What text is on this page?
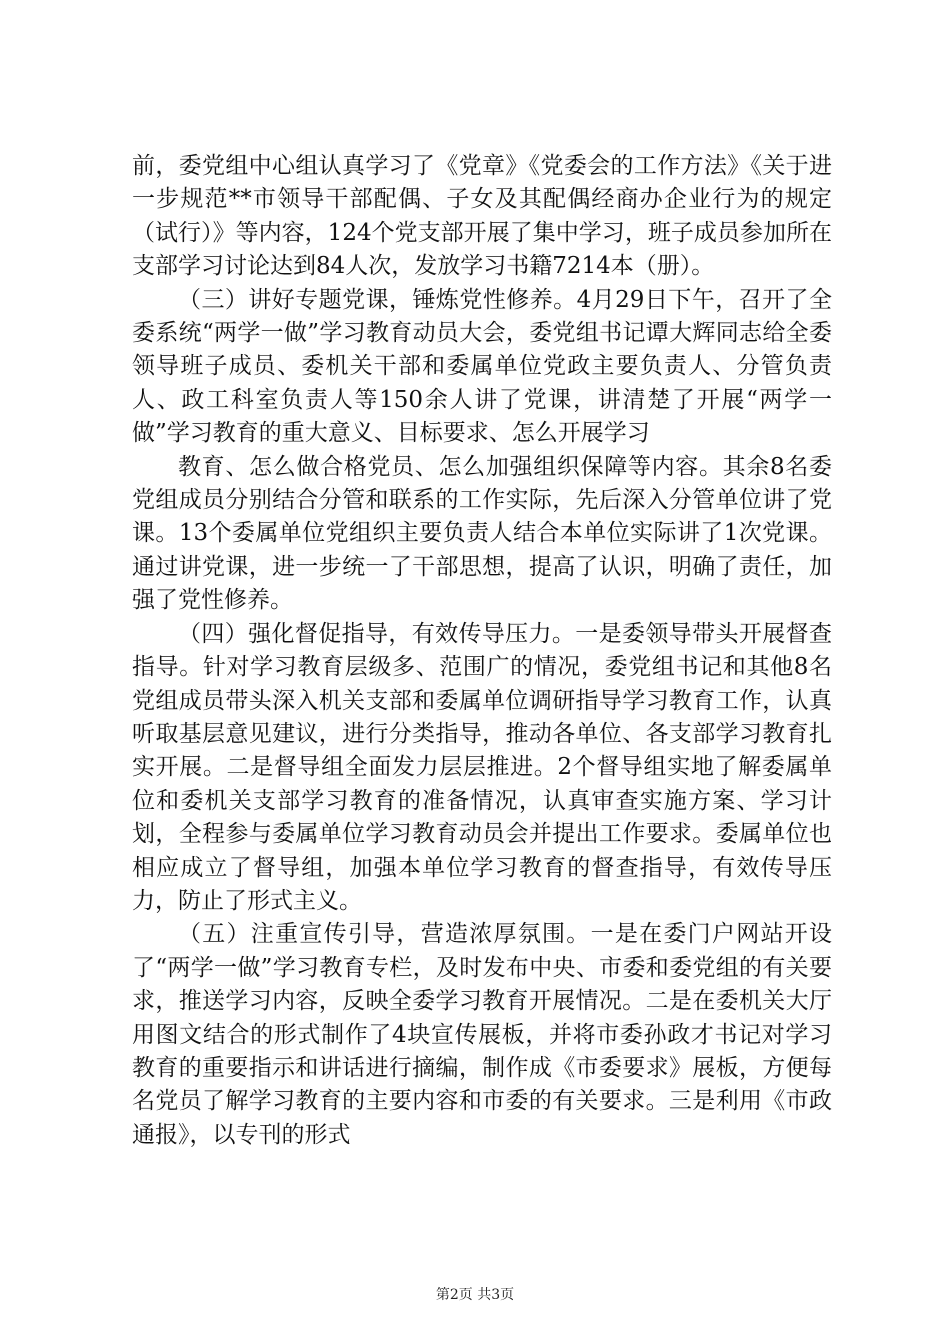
前，委党组中心组认真学习了《党章》《党委会的工作方法》《关于进一步规范**市领导干部配偶、子女及其配偶经商办企业行为的规定（试行）》等内容，124个党支部开展了集中学习，班子成员参加所在支部学习讨论达到84人次，发放学习书籍7214本（册）。

（三）讲好专题党课，锤炼党性修养。4月29日下午，召开了全委系统“两学一做”学习教育动员大会，委党组书记谭大辉同志给全委领导班子成员、委机关干部和委属单位党政主要负责人、分管负责人、政工科室负责人等150余人讲了党课，讲清楚了开展“两学一做”学习教育的重大意义、目标要求、怎么开展学习

教育、怎么做合格党员、怎么加强组织保障等内容。其余8名委党组成员分别结合分管和联系的工作实际，先后深入分管单位讲了党课。13个委属单位党组织主要负责人结合本单位实际讲了1次党课。通过讲党课，进一步统一了干部思想，提高了认识，明确了责任，加强了党性修养。

（四）强化督促指导，有效传导压力。一是委领导带头开展督查指导。针对学习教育层级多、范围广的情况，委党组书记和其他8名党组成员带头深入机关支部和委属单位调研指导学习教育工作，认真听取基层意见建议，进行分类指导，推动各单位、各支部学习教育扎实开展。二是督导组全面发力层层推进。2个督导组实地了解委属单位和委机关支部学习教育的准备情况，认真审查实施方案、学习计划，全程参与委属单位学习教育动员会并提出工作要求。委属单位也相应成立了督导组，加强本单位学习教育的督查指导，有效传导压力，防止了形式主义。

（五）注重宣传引导，营造浓厚氛围。一是在委门户网站开设了“两学一做”学习教育专栏，及时发布中央、市委和委党组的有关要求，推送学习内容，反映全委学习教育开展情况。二是在委机关大厅用图文结合的形式制作了4块宣传展板，并将市委孙政才书记对学习教育的重要指示和讲话进行摘编，制作成《市委要求》展板，方便每名党员了解学习教育的主要内容和市委的有关要求。三是利用《市政通报》，以专刊的形式

第2页 共3页
